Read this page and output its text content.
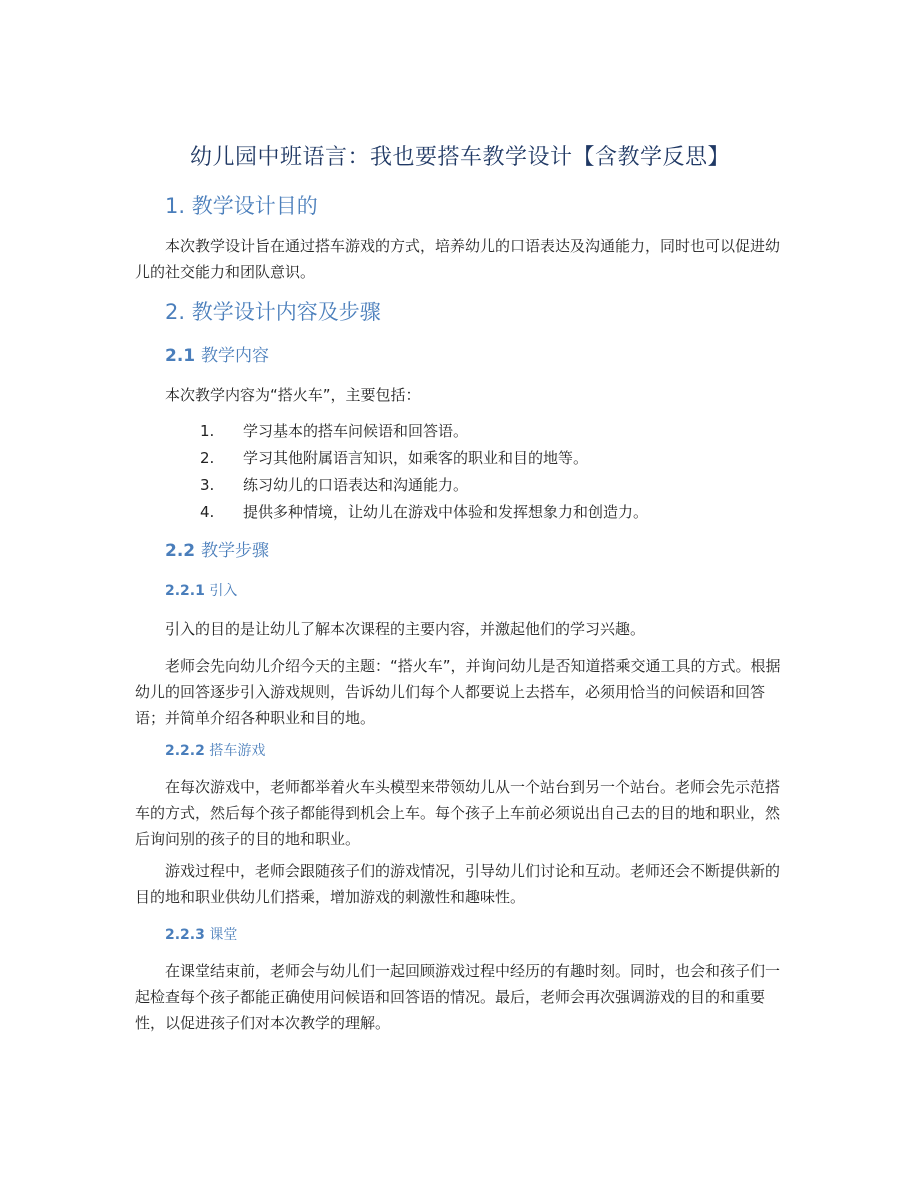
幼儿园中班语言：我也要搭车教学设计【含教学反思】
1. 教学设计目的
本次教学设计旨在通过搭车游戏的方式，培养幼儿的口语表达及沟通能力，同时也可以促进幼儿的社交能力和团队意识。
2. 教学设计内容及步骤
2.1 教学内容
本次教学内容为“搭火车”，主要包括：
1. 学习基本的搭车问候语和回答语。
2. 学习其他附属语言知识，如乘客的职业和目的地等。
3. 练习幼儿的口语表达和沟通能力。
4. 提供多种情境，让幼儿在游戏中体验和发挥想象力和创造力。
2.2 教学步骤
2.2.1 引入
引入的目的是让幼儿了解本次课程的主要内容，并激起他们的学习兴趣。
老师会先向幼儿介绍今天的主题：“搭火车”，并询问幼儿是否知道搭乘交通工具的方式。根据幼儿的回答逐步引入游戏规则，告诉幼儿们每个人都要说上去搭车，必须用恰当的问候语和回答语；并简单介绍各种职业和目的地。
2.2.2 搭车游戏
在每次游戏中，老师都举着火车头模型来带领幼儿从一个站台到另一个站台。老师会先示范搭车的方式，然后每个孩子都能得到机会上车。每个孩子上车前必须说出自己去的目的地和职业，然后询问别的孩子的目的地和职业。
游戏过程中，老师会跟随孩子们的游戏情况，引导幼儿们讨论和互动。老师还会不断提供新的目的地和职业供幼儿们搭乘，增加游戏的刺激性和趣味性。
2.2.3 课堂
在课堂结束前，老师会与幼儿们一起回顾游戏过程中经历的有趣时刻。同时，也会和孩子们一起检查每个孩子都能正确使用问候语和回答语的情况。最后，老师会再次强调游戏的目的和重要性，以促进孩子们对本次教学的理解。
